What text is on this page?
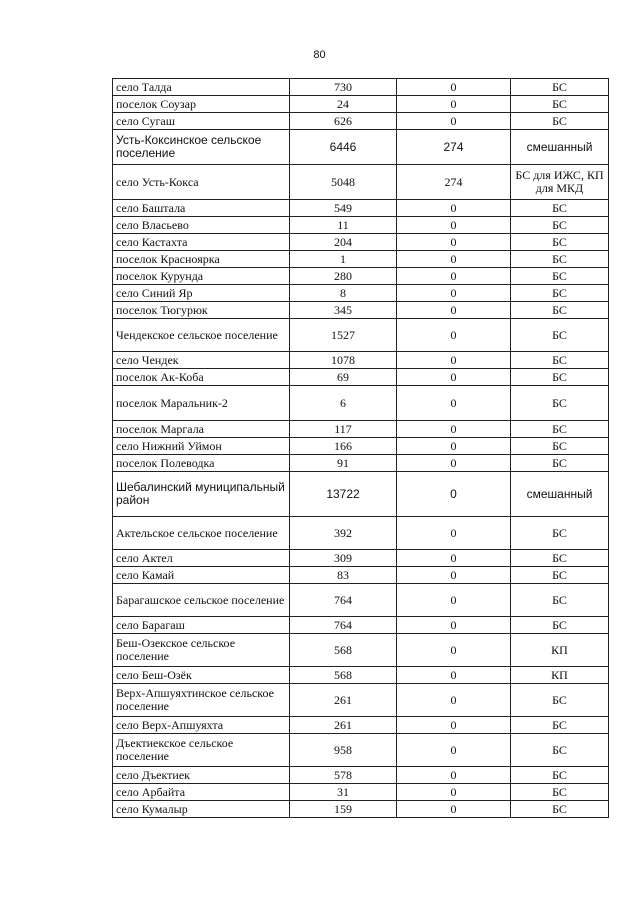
80
село Талда	730	0	БС
поселок Соузар	24	0	БС
село Сугаш	626	0	БС
Усть-Коксинское сельское поселение	6446	274	смешанный
село Усть-Кокса	5048	274	БС для ИЖС, КП для МКД
село Баштала	549	0	БС
село Власьево	11	0	БС
село Кастахта	204	0	БС
поселок Красноярка	1	0	БС
поселок Курунда	280	0	БС
село Синий Яр	8	0	БС
поселок Тюгурюк	345	0	БС
Чендекское сельское поселение	1527	0	БС
село Чендек	1078	0	БС
поселок Ак-Коба	69	0	БС
поселок Маральник-2	6	0	БС
поселок Маргала	117	0	БС
село Нижний Уймон	166	0	БС
поселок Полеводка	91	0	БС
Шебалинский муниципальный район	13722	0	смешанный
Актельское сельское поселение	392	0	БС
село Актел	309	0	БС
село Камай	83	0	БС
Барагашское сельское поселение	764	0	БС
село Барагаш	764	0	БС
Беш-Озекское сельское поселение	568	0	КП
село Беш-Озёк	568	0	КП
Верх-Апшуяхтинское сельское поселение	261	0	БС
село Верх-Апшуяхта	261	0	БС
Дъектиекское сельское поселение	958	0	БС
село Дъектиек	578	0	БС
село Арбайта	31	0	БС
село Кумалыр	159	0	БС
